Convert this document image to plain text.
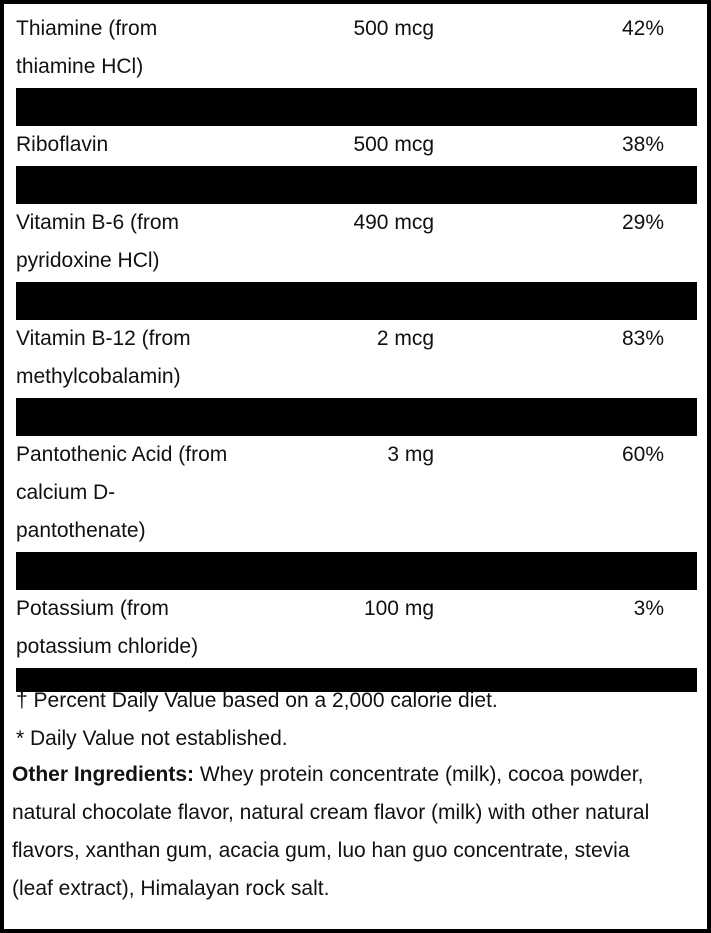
Thiamine (from
thiamine HCl)
500 mcg	42%
Riboflavin	500 mcg	38%
Vitamin B-6 (from
pyridoxine HCl)
490 mcg	29%
Vitamin B-12 (from
methylcobalamin)
2 mcg	83%
Pantothenic Acid (from
calcium D-
pantothenate)
3 mg	60%
Potassium (from
potassium chloride)
100 mg	3%
† Percent Daily Value based on a 2,000 calorie diet.
* Daily Value not established.
Other Ingredients: Whey protein concentrate (milk), cocoa powder,
natural chocolate flavor, natural cream flavor (milk) with other natural
flavors, xanthan gum, acacia gum, luo han guo concentrate, stevia
(leaf extract), Himalayan rock salt.
